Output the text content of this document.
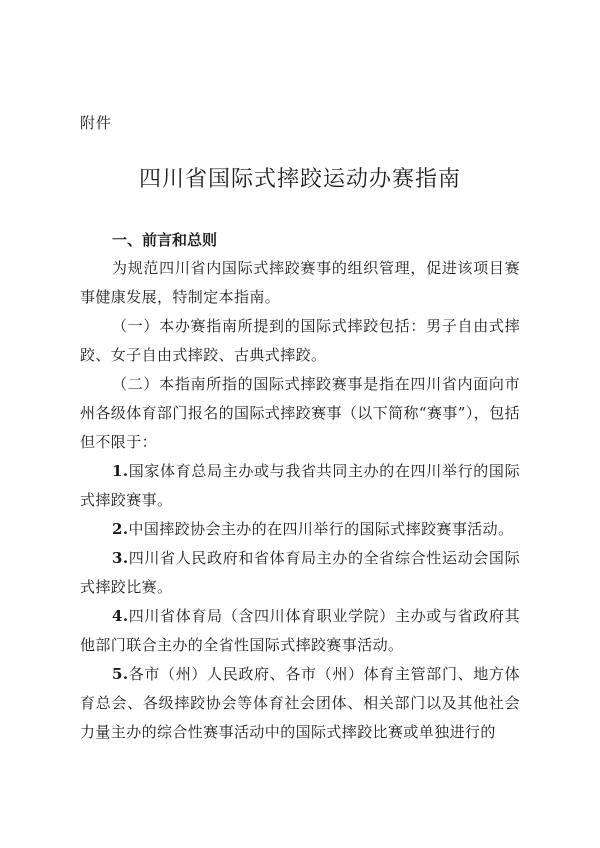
附件
四川省国际式摔跤运动办赛指南
一、前言和总则

为规范四川省内国际式摔跤赛事的组织管理，促进该项目赛事健康发展，特制定本指南。

（一）本办赛指南所提到的国际式摔跤包括：男子自由式摔跤、女子自由式摔跤、古典式摔跤。

（二）本指南所指的国际式摔跤赛事是指在四川省内面向市州各级体育部门报名的国际式摔跤赛事（以下简称“赛事”），包括但不限于：

1.国家体育总局主办或与我省共同主办的在四川举行的国际式摔跤赛事。

2.中国摔跤协会主办的在四川举行的国际式摔跤赛事活动。

3.四川省人民政府和省体育局主办的全省综合性运动会国际式摔跤比赛。

4.四川省体育局（含四川体育职业学院）主办或与省政府其他部门联合主办的全省性国际式摔跤赛事活动。

5.各市（州）人民政府、各市（州）体育主管部门、地方体育总会、各级摔跤协会等体育社会团体、相关部门以及其他社会力量主办的综合性赛事活动中的国际式摔跤比赛或单独进行的
